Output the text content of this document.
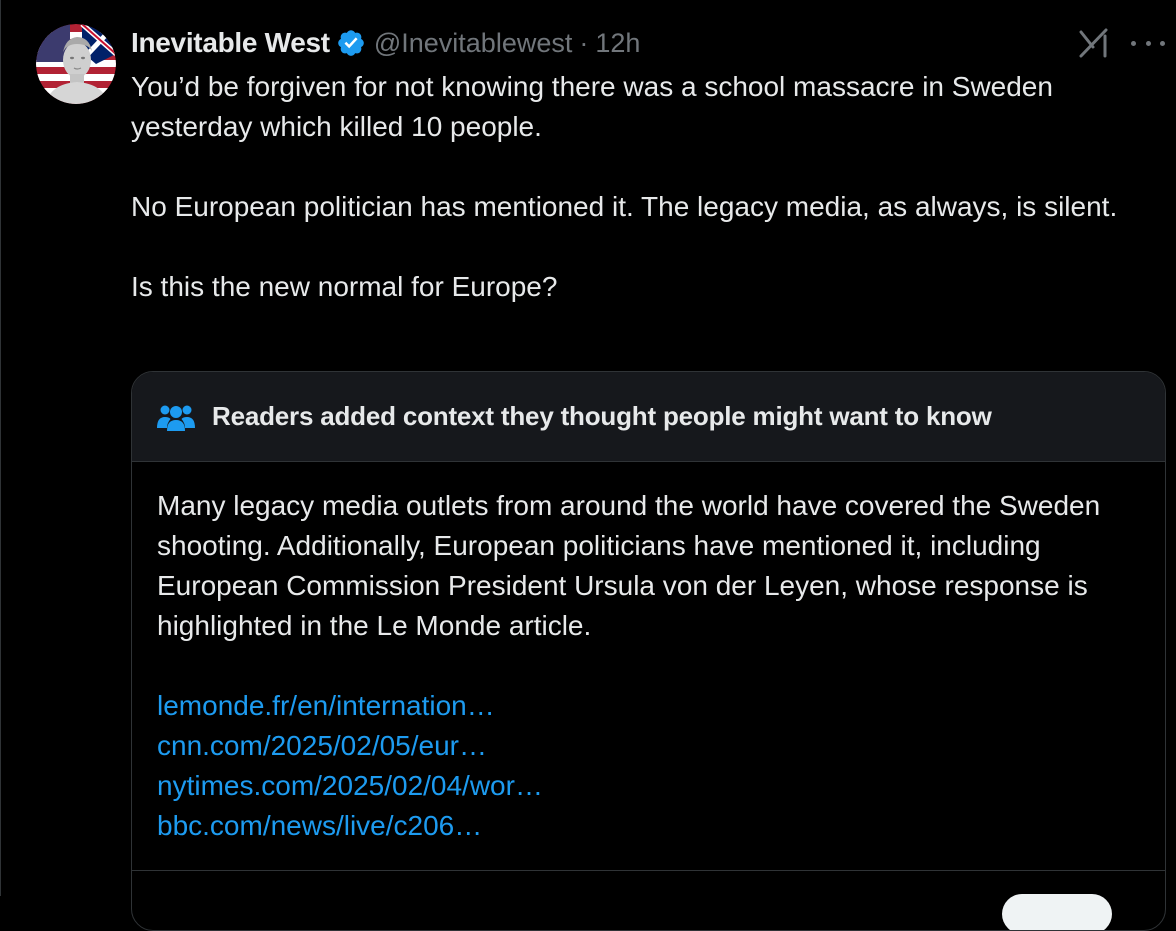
Inevitable West @Inevitablewest · 12h

You’d be forgiven for not knowing there was a school massacre in Sweden yesterday which killed 10 people.

No European politician has mentioned it. The legacy media, as always, is silent.

Is this the new normal for Europe?

Readers added context they thought people might want to know
Many legacy media outlets from around the world have covered the Sweden shooting. Additionally, European politicians have mentioned it, including European Commission President Ursula von der Leyen, whose response is highlighted in the Le Monde article.
lemonde.fr/en/internation…
cnn.com/2025/02/05/eur…
nytimes.com/2025/02/04/wor…
bbc.com/news/live/c206…
